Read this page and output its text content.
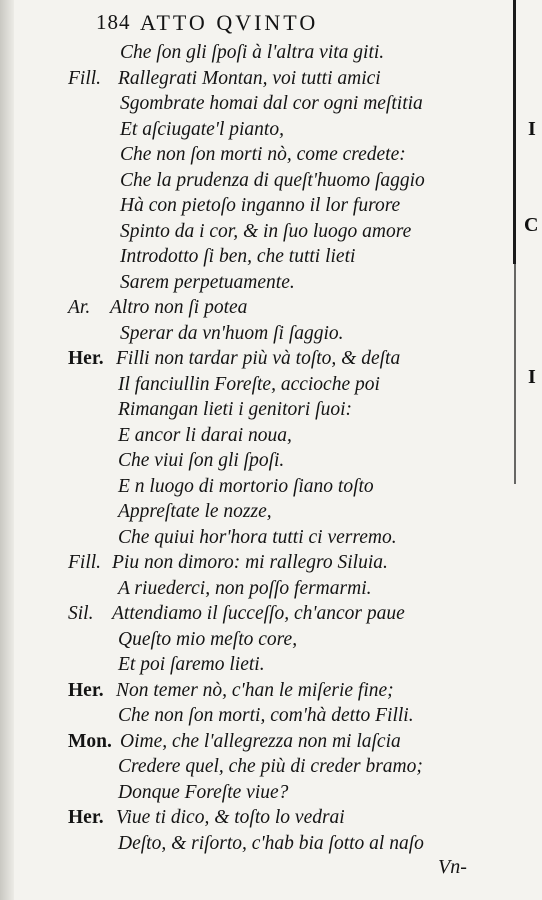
I
C
I
184 ATTO QVINTO
Che ſon gli ſpoſi à l'altra vita giti.
Fill. Rallegrati Montan, voi tutti amici
Sgombrate homai dal cor ogni meſtitia
Et aſciugate'l pianto,
Che non ſon morti nò, come credete:
Che la prudenza di queſt'huomo ſaggio
Hà con pietoſo inganno il lor furore
Spinto da i cor, & in ſuo luogo amore
Introdotto ſi ben, che tutti lieti
Sarem perpetuamente.
Ar. Altro non ſi potea
Sperar da vn'huom ſi ſaggio.
Her. Filli non tardar più và toſto, & deſta
Il fanciullin Foreſte, accioche poi
Rimangan lieti i genitori ſuoi:
E ancor li darai noua,
Che viui ſon gli ſpoſi.
E n luogo di mortorio ſiano toſto
Appreſtate le nozze,
Che quiui hor'hora tutti ci verremo.
Fill. Piu non dimoro: mi rallegro Siluia.
A riuederci, non poſſo fermarmi.
Sil. Attendiamo il ſucceſſo, ch'ancor paue
Queſto mio meſto core,
Et poi ſaremo lieti.
Her. Non temer nò, c'han le miſerie fine;
Che non ſon morti, com'hà detto Filli.
Mon. Oime, che l'allegrezza non mi laſcia
Credere quel, che più di creder bramo;
Donque Foreſte viue?
Her. Viue ti dico, & toſto lo vedrai
Deſto, & riſorto, c'hab bia ſotto al naſo
Vn-
